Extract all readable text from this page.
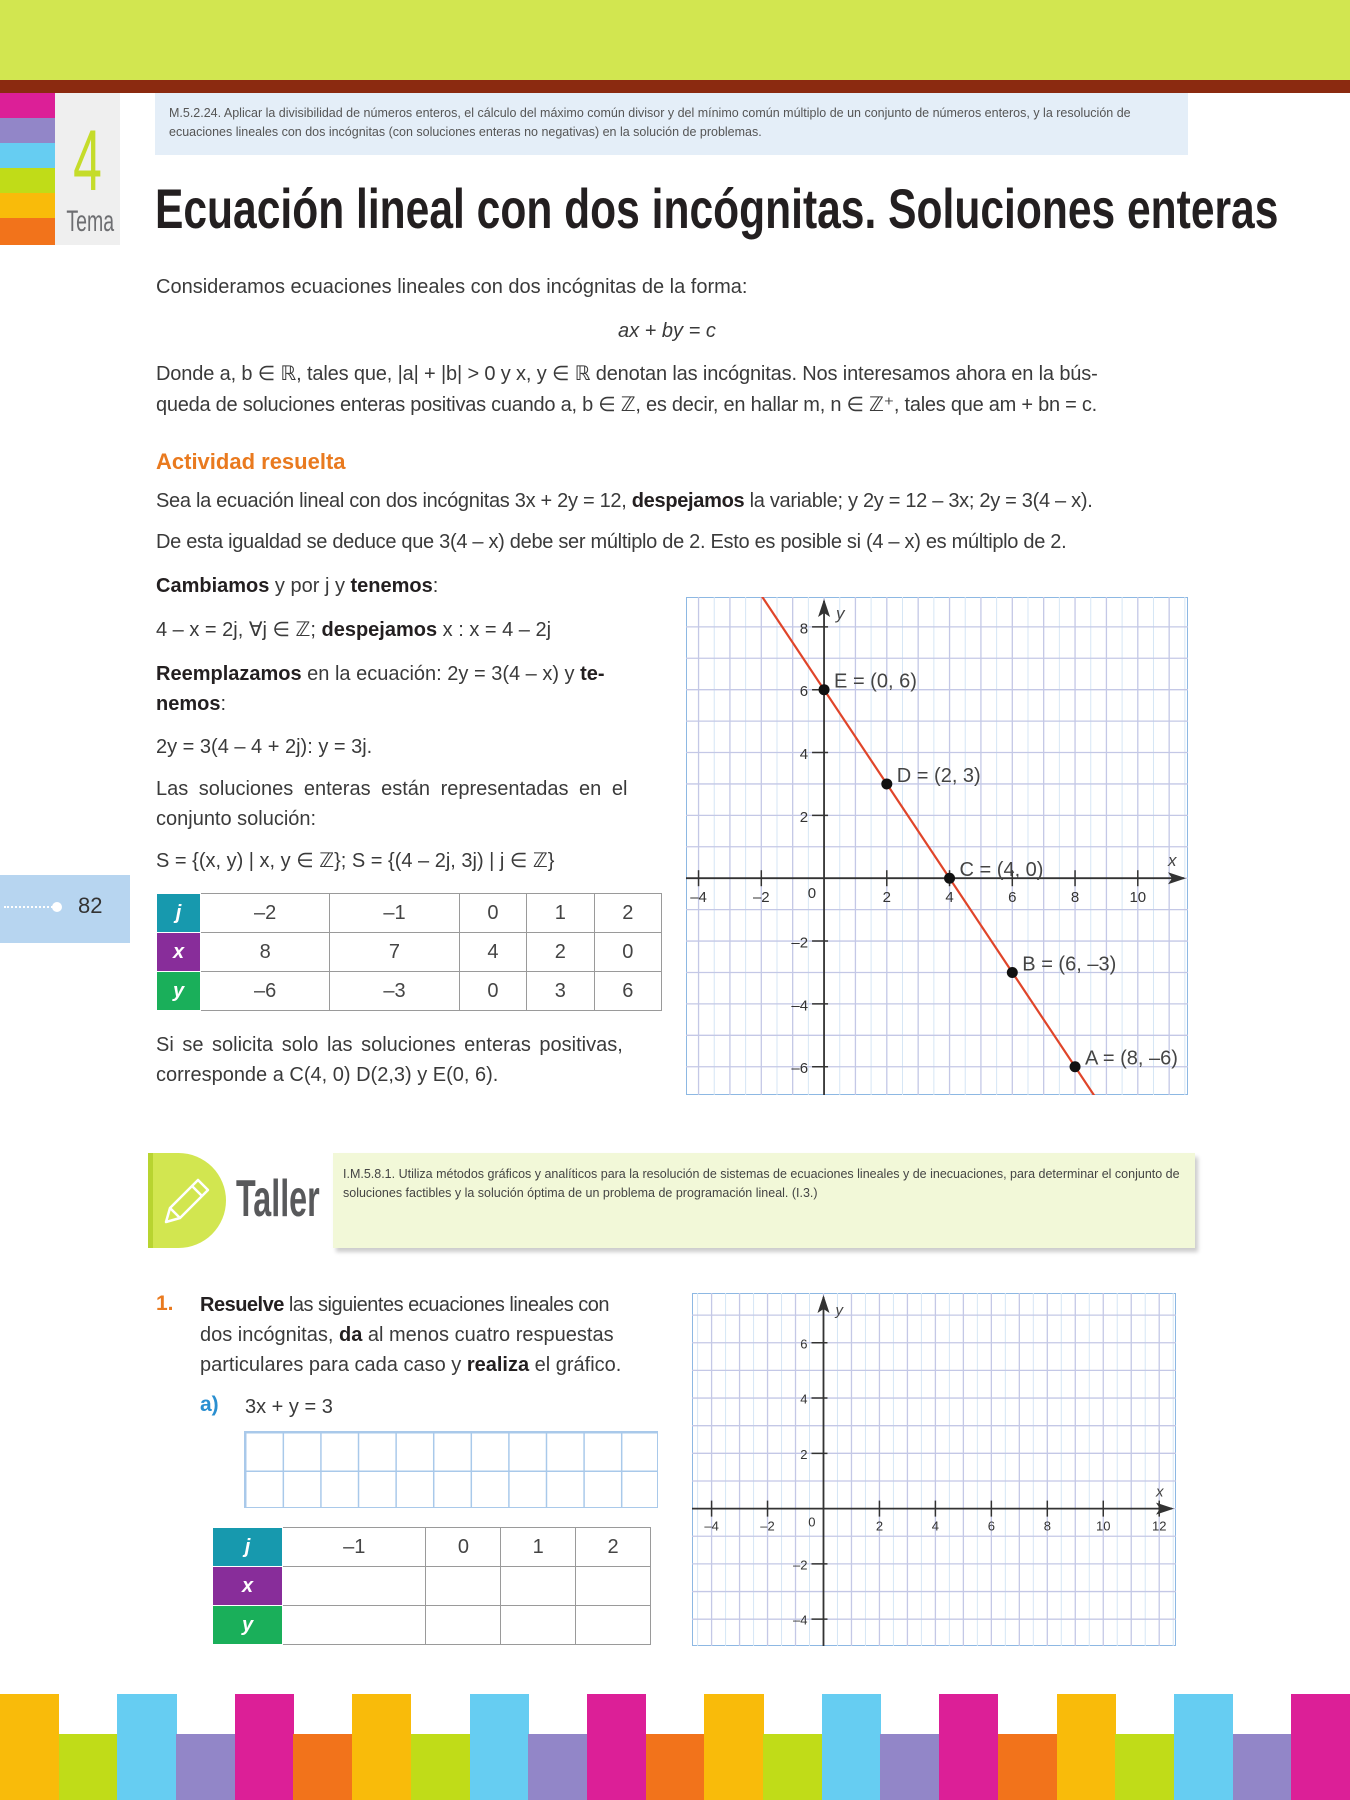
4
Tema
M.5.2.24. Aplicar la divisibilidad de números enteros, el cálculo del máximo común divisor y del mínimo común múltiplo de un conjunto de números enteros, y la resolución de ecuaciones lineales con dos incógnitas (con soluciones enteras no negativas) en la solución de problemas.
Ecuación lineal con dos incógnitas. Soluciones enteras
Consideramos ecuaciones lineales con dos incógnitas de la forma:
ax + by = c
Donde a, b ∈ ℝ, tales que, |a| + |b| > 0 y x, y ∈ ℝ denotan las incógnitas. Nos interesamos ahora en la bús-
queda de soluciones enteras positivas cuando a, b ∈ ℤ, es decir, en hallar m, n ∈ ℤ⁺, tales que am + bn = c.
Actividad resuelta
Sea la ecuación lineal con dos incógnitas 3x + 2y = 12, despejamos la variable; y 2y = 12 – 3x; 2y = 3(4 – x).
De esta igualdad se deduce que 3(4 – x) debe ser múltiplo de 2. Esto es posible si (4 – x) es múltiplo de 2.
Cambiamos y por j y tenemos:
4 – x = 2j, ∀j ∈ ℤ; despejamos x : x = 4 – 2j
Reemplazamos en la ecuación: 2y = 3(4 – x) y te-
nemos:
2y = 3(4 – 4 + 2j): y = 3j.
Las soluciones enteras están representadas en el
conjunto solución:
S = {(x, y) | x, y ∈ ℤ}; S = {(4 – 2j, 3j) | j ∈ ℤ}
82	j	–2	–1	0	1	2
x	8	7	4	2	0
y	–6	–3	0	3	6
Si se solicita solo las soluciones enteras positivas,
corresponde a C(4, 0) D(2,3) y E(0, 6).
x
y
–4	–2	2	4	6	8	10
–6
–4
–2
2
4
6
8
0
E = (0, 6)
D = (2, 3)
C = (4, 0)
B = (6, –3)
A = (8, –6)
Taller	I.M.5.8.1. Utiliza métodos gráficos y analíticos para la resolución de sistemas de ecuaciones lineales y de inecuaciones, para determinar el conjunto de soluciones factibles y la solución óptima de un problema de programación lineal. (I.3.)
1. Resuelve las siguientes ecuaciones lineales con
dos incógnitas, da al menos cuatro respuestas
particulares para cada caso y realiza el gráfico.
a) 3x + y = 3
j	–1	0	1	2
x				
y				
x
y
–4	–2	2	4	6	8	10	12
–4
–2
2
4
6
0
